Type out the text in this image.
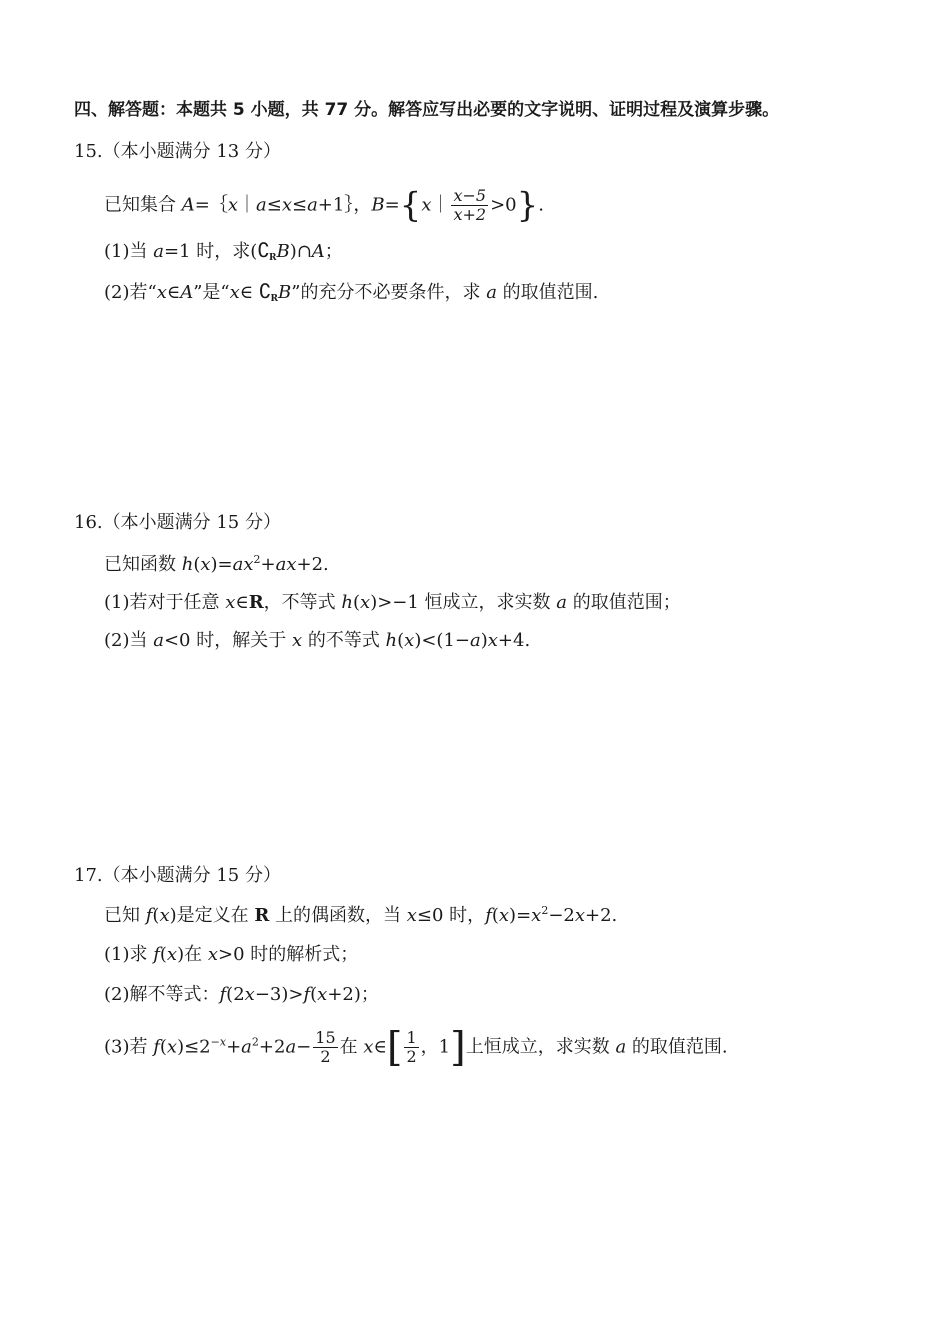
四、解答题：本题共 5 小题，共 77 分。解答应写出必要的文字说明、证明过程及演算步骤。
15.（本小题满分 13 分）
已知集合 A=｛x｜a≤x≤a+1｝，B={x｜ $\frac{x-5}{x+2} >0$}.
(1)当 a=1 时，求$(∁_RB)\cap A$；
(2)若“x∈A”是“x∈ $∁_RB$”的充分不必要条件，求 a 的取值范围.
16.（本小题满分 15 分）
已知函数 $h(x)=ax^2+ax+2$.
(1)若对于任意 x∈R，不等式 h(x)>−1 恒成立，求实数 a 的取值范围；
(2)当 a<0 时，解关于 x 的不等式 h(x)<(1−a)x+4.
17.（本小题满分 15 分）
已知 f(x)是定义在 R 上的偶函数，当 x≤0 时，$f(x)=x^2-2x+2$.
(1)求 f(x)在 x>0 时的解析式；
(2)解不等式：f(2x−3)>f(x+2)；
(3)若 $f(x)\le 2^{-x}+a^2+2a- \frac{15}{2}$ 在 x∈[ $\frac{1}{2}$ ，1]上恒成立，求实数 a 的取值范围.
